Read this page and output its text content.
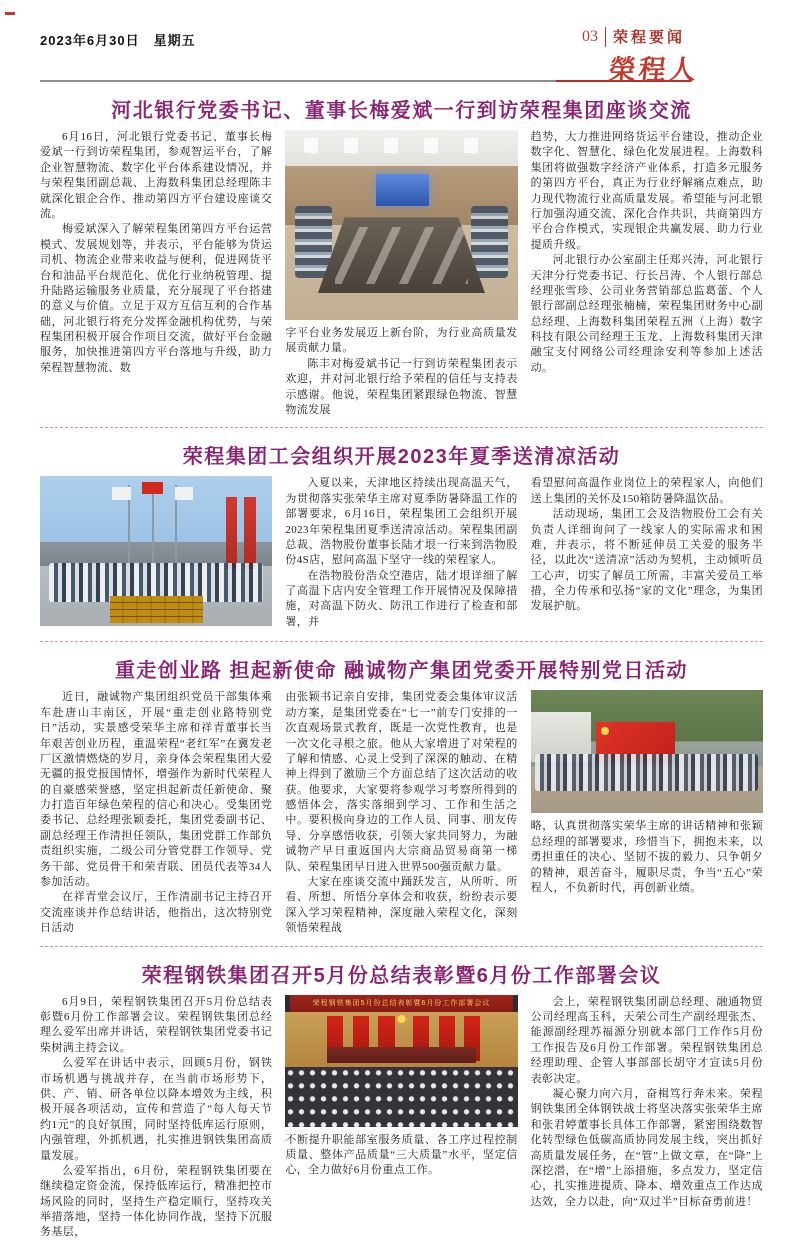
2023年6月30日　星期五	03 荣程要闻
榮程人
河北银行党委书记、董事长梅爱斌一行到访荣程集团座谈交流

6月16日，河北银行党委书记、董事长梅爱斌一行到访荣程集团，参观智运平台，了解企业智慧物流、数字化平台体系建设情况，并与荣程集团副总裁、上海数科集团总经理陈丰就深化银企合作、推动第四方平台建设座谈交流。

梅爱斌深入了解荣程集团第四方平台运营模式、发展规划等，并表示，平台能够为货运司机、物流企业带来收益与便利，促进网货平台和油品平台规范化、优化行业纳税管理、提升陆路运输服务业质量，充分展现了平台搭建的意义与价值。立足于双方互信互利的合作基础，河北银行将充分发挥金融机构优势，与荣程集团积极开展合作项目交流，做好平台金融服务，加快推进第四方平台落地与升级，助力荣程智慧物流、数

字平台业务发展迈上新台阶，为行业高质量发展贡献力量。

陈丰对梅爱斌书记一行到访荣程集团表示欢迎，并对河北银行给予荣程的信任与支持表示感谢。他说，荣程集团紧跟绿色物流、智慧物流发展

趋势，大力推进网络货运平台建设，推动企业数字化、智慧化、绿色化发展进程。上海数科集团将做强数字经济产业体系，打造多元服务的第四方平台，真正为行业纾解痛点难点，助力现代物流行业高质量发展。希望能与河北银行加强沟通交流、深化合作共识，共商第四方平台合作模式，实现银企共赢发展、助力行业提质升级。

河北银行办公室副主任郑兴涛，河北银行天津分行党委书记、行长吕涛、个人银行部总经理张雪珍、公司业务营销部总监葛蕾、个人银行部副总经理张楠楠，荣程集团财务中心副总经理、上海数科集团荣程五洲（上海）数字科技有限公司经理王玉龙、上海数科集团天津融宝支付网络公司经理涂安利等参加上述活动。

荣程集团工会组织开展2023年夏季送清凉活动

入夏以来，天津地区持续出现高温天气，为贯彻落实张荣华主席对夏季防暑降温工作的部署要求，6月16日，荣程集团工会组织开展2023年荣程集团夏季送清凉活动。荣程集团副总裁、浩物股份董事长陆才垠一行来到浩物股份4S店，慰问高温下坚守一线的荣程家人。

在浩物股份浩众空港店，陆才垠详细了解了高温下店内安全管理工作开展情况及保障措施，对高温下防火、防汛工作进行了检查和部署，并

看望慰问高温作业岗位上的荣程家人，向他们送上集团的关怀及150箱防暑降温饮品。

活动现场，集团工会及浩物股份工会有关负责人详细询问了一线家人的实际需求和困难，并表示，将不断延伸员工关爱的服务半径，以此次“送清凉”活动为契机，主动倾听员工心声，切实了解员工所需，丰富关爱员工举措，全力传承和弘扬“家的文化”理念，为集团发展护航。

重走创业路 担起新使命 融诚物产集团党委开展特别党日活动

近日，融诚物产集团组织党员干部集体乘车赴唐山丰南区，开展“重走创业路特别党日”活动，实景感受荣华主席和祥青董事长当年艰苦创业历程，重温荣程“老红军”在冀发老厂区激情燃烧的岁月，亲身体会荣程集团大爱无疆的报党报国情怀，增强作为新时代荣程人的自豪感荣誉感，坚定担起新责任新使命、聚力打造百年绿色荣程的信心和决心。受集团党委书记、总经理张颖委托，集团党委副书记、副总经理王作清担任领队，集团党群工作部负责组织实施，二级公司分管党群工作领导、党务干部、党员骨干和荣青联、团员代表等34人参加活动。

在祥青堂会议厅，王作清副书记主持召开交流座谈并作总结讲话，他指出，这次特别党日活动

由张颖书记亲自安排，集团党委会集体审议活动方案，是集团党委在“七一”前专门安排的一次直观场景式教育，既是一次党性教育，也是一次文化寻根之旅。他从大家增进了对荣程的了解和情感、心灵上受到了深深的触动、在精神上得到了激励三个方面总结了这次活动的收获。他要求，大家要将参观学习考察所得到的感悟体会，落实落细到学习、工作和生活之中。要积极向身边的工作人员、同事、朋友传导、分享感悟收获，引领大家共同努力，为融诚物产早日重返国内大宗商品贸易商第一梯队、荣程集团早日进入世界500强贡献力量。

大家在座谈交流中踊跃发言，从所听、所看、所想、所悟分享体会和收获，纷纷表示要深入学习荣程精神，深度融入荣程文化，深刻领悟荣程战

略，认真贯彻落实荣华主席的讲话精神和张颖总经理的部署要求，珍惜当下，拥抱未来，以勇担重任的决心、坚韧不拔的毅力、只争朝夕的精神，艰苦奋斗，履职尽责，争当“五心”荣程人，不负新时代，再创新业绩。

荣程钢铁集团召开5月份总结表彰暨6月份工作部署会议

6月9日，荣程钢铁集团召开5月份总结表彰暨6月份工作部署会议。荣程钢铁集团总经理么爱军出席并讲话，荣程钢铁集团党委书记柴树满主持会议。

么爱军在讲话中表示，回顾5月份，钢铁市场机遇与挑战并存，在当前市场形势下，供、产、销、研各单位以降本增效为主线，积极开展各项活动，宣传和营造了“每人每天节约1元”的良好氛围，同时坚持低库运行原则，内强管理，外抓机遇，扎实推进钢铁集团高质量发展。

么爱军指出，6月份，荣程钢铁集团要在继续稳定资金流，保持低库运行，精准把控市场风险的同时，坚持生产稳定顺行，坚持攻关举措落地，坚持一体化协同作战，坚持下沉服务基层，

荣程钢铁集团5月份总结表彰暨6月份工作部署会议

不断提升职能部室服务质量、各工序过程控制质量、整体产品质量“三大质量”水平，坚定信心，全力做好6月份重点工作。

会上，荣程钢铁集团副总经理、融通物贸公司经理高玉科，天荣公司生产副经理张杰、能源副经理苏福源分别就本部门工作作5月份工作报告及6月份工作部署。荣程钢铁集团总经理助理、企管人事部部长胡守才宣读5月份表彰决定。

凝心聚力向六月，奋楫笃行奔未来。荣程钢铁集团全体钢铁战士将坚决落实张荣华主席和张君婷董事长具体工作部署，紧密围绕数智化转型绿色低碳高质协同发展主线，突出抓好高质量发展任务，在“管”上做文章，在“降”上深挖潜，在“增”上添措施，多点发力，坚定信心，扎实推进提质、降本、增效重点工作达成达效，全力以赴，向“双过半”目标奋勇前进！
